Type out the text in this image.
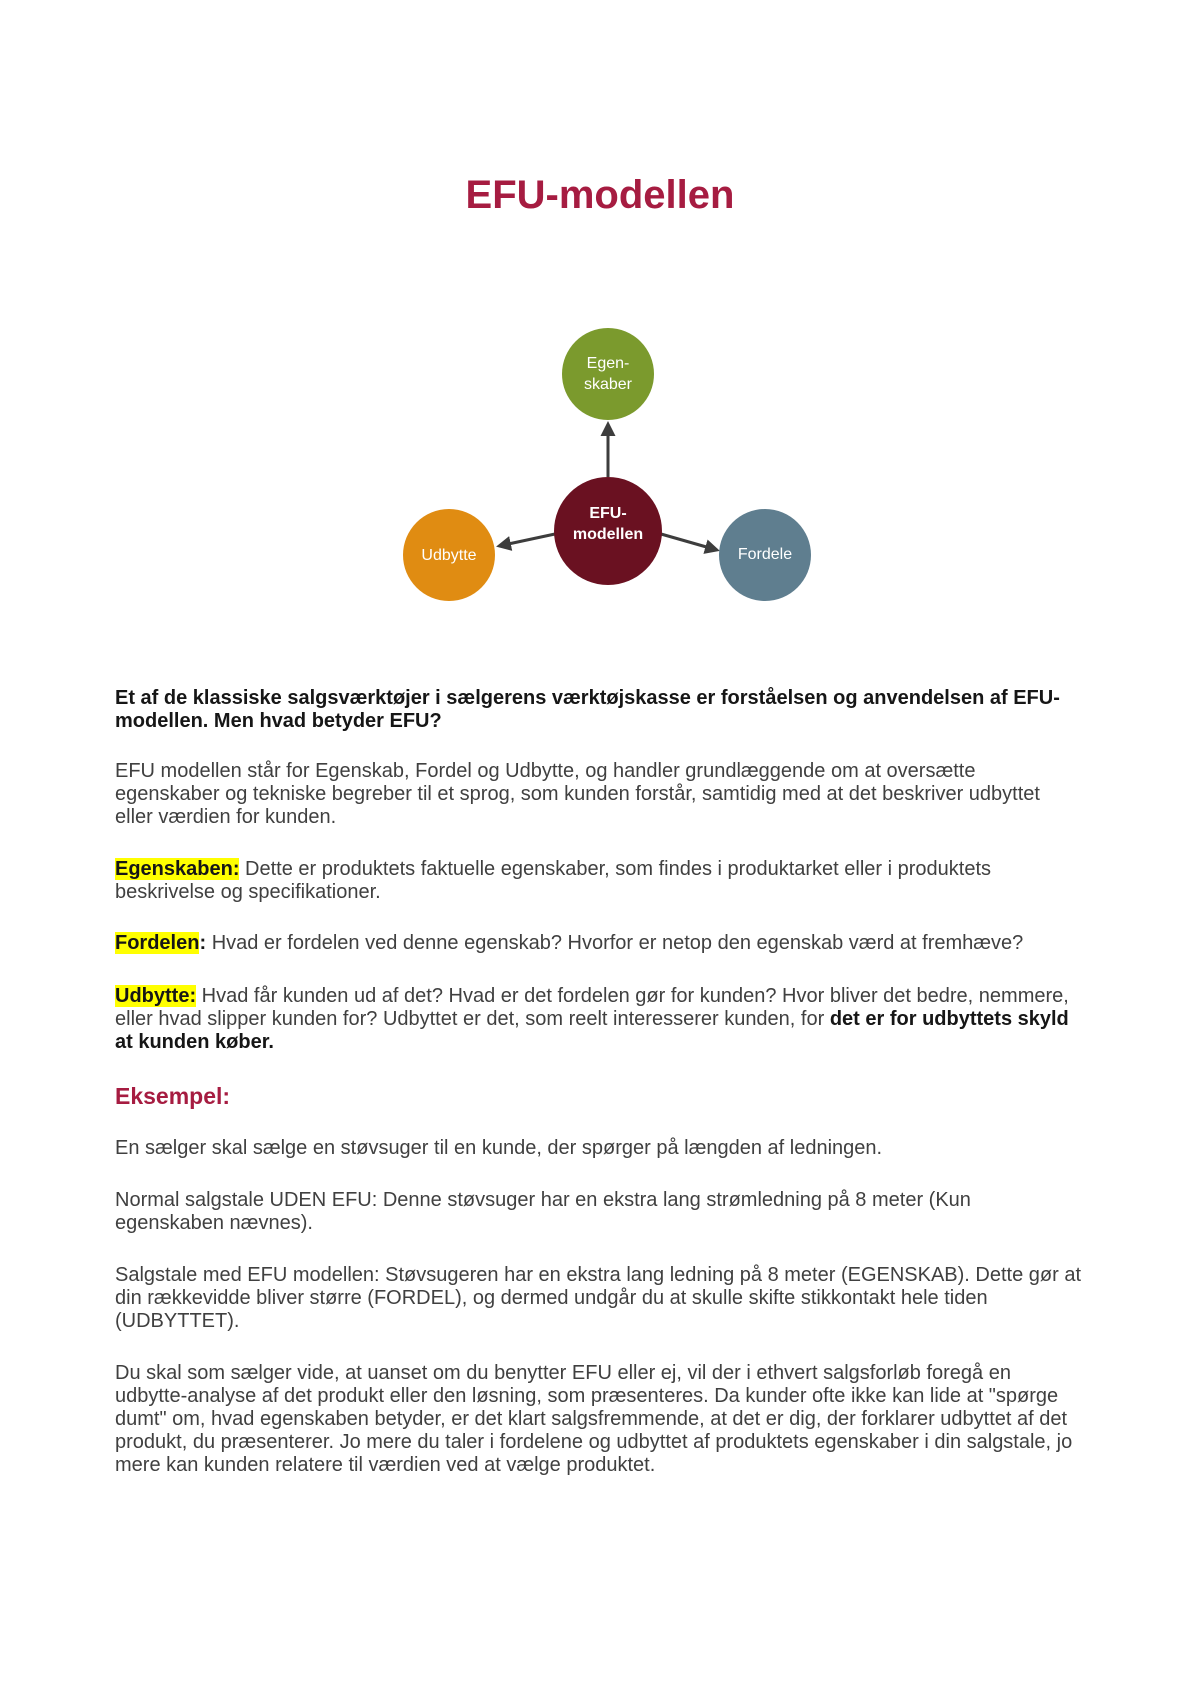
EFU-modellen
Egen-
skaber
EFU-
modellen
Udbytte	Fordele

Et af de klassiske salgsværktøjer i sælgerens værktøjskasse er forståelsen og anvendelsen af EFU-modellen. Men hvad betyder EFU?

EFU modellen står for Egenskab, Fordel og Udbytte, og handler grundlæggende om at oversætte egenskaber og tekniske begreber til et sprog, som kunden forstår, samtidig med at det beskriver udbyttet eller værdien for kunden.

Egenskaben: Dette er produktets faktuelle egenskaber, som findes i produktarket eller i produktets beskrivelse og specifikationer.

Fordelen: Hvad er fordelen ved denne egenskab? Hvorfor er netop den egenskab værd at fremhæve?

Udbytte: Hvad får kunden ud af det? Hvad er det fordelen gør for kunden? Hvor bliver det bedre, nemmere, eller hvad slipper kunden for? Udbyttet er det, som reelt interesserer kunden, for det er for udbyttets skyld at kunden køber.

Eksempel:

En sælger skal sælge en støvsuger til en kunde, der spørger på længden af ledningen.

Normal salgstale UDEN EFU: Denne støvsuger har en ekstra lang strømledning på 8 meter (Kun egenskaben nævnes).

Salgstale med EFU modellen: Støvsugeren har en ekstra lang ledning på 8 meter (EGENSKAB). Dette gør at din rækkevidde bliver større (FORDEL), og dermed undgår du at skulle skifte stikkontakt hele tiden (UDBYTTET).

Du skal som sælger vide, at uanset om du benytter EFU eller ej, vil der i ethvert salgsforløb foregå en udbytte-analyse af det produkt eller den løsning, som præsenteres. Da kunder ofte ikke kan lide at "spørge dumt" om, hvad egenskaben betyder, er det klart salgsfremmende, at det er dig, der forklarer udbyttet af det produkt, du præsenterer. Jo mere du taler i fordelene og udbyttet af produktets egenskaber i din salgstale, jo mere kan kunden relatere til værdien ved at vælge produktet.
